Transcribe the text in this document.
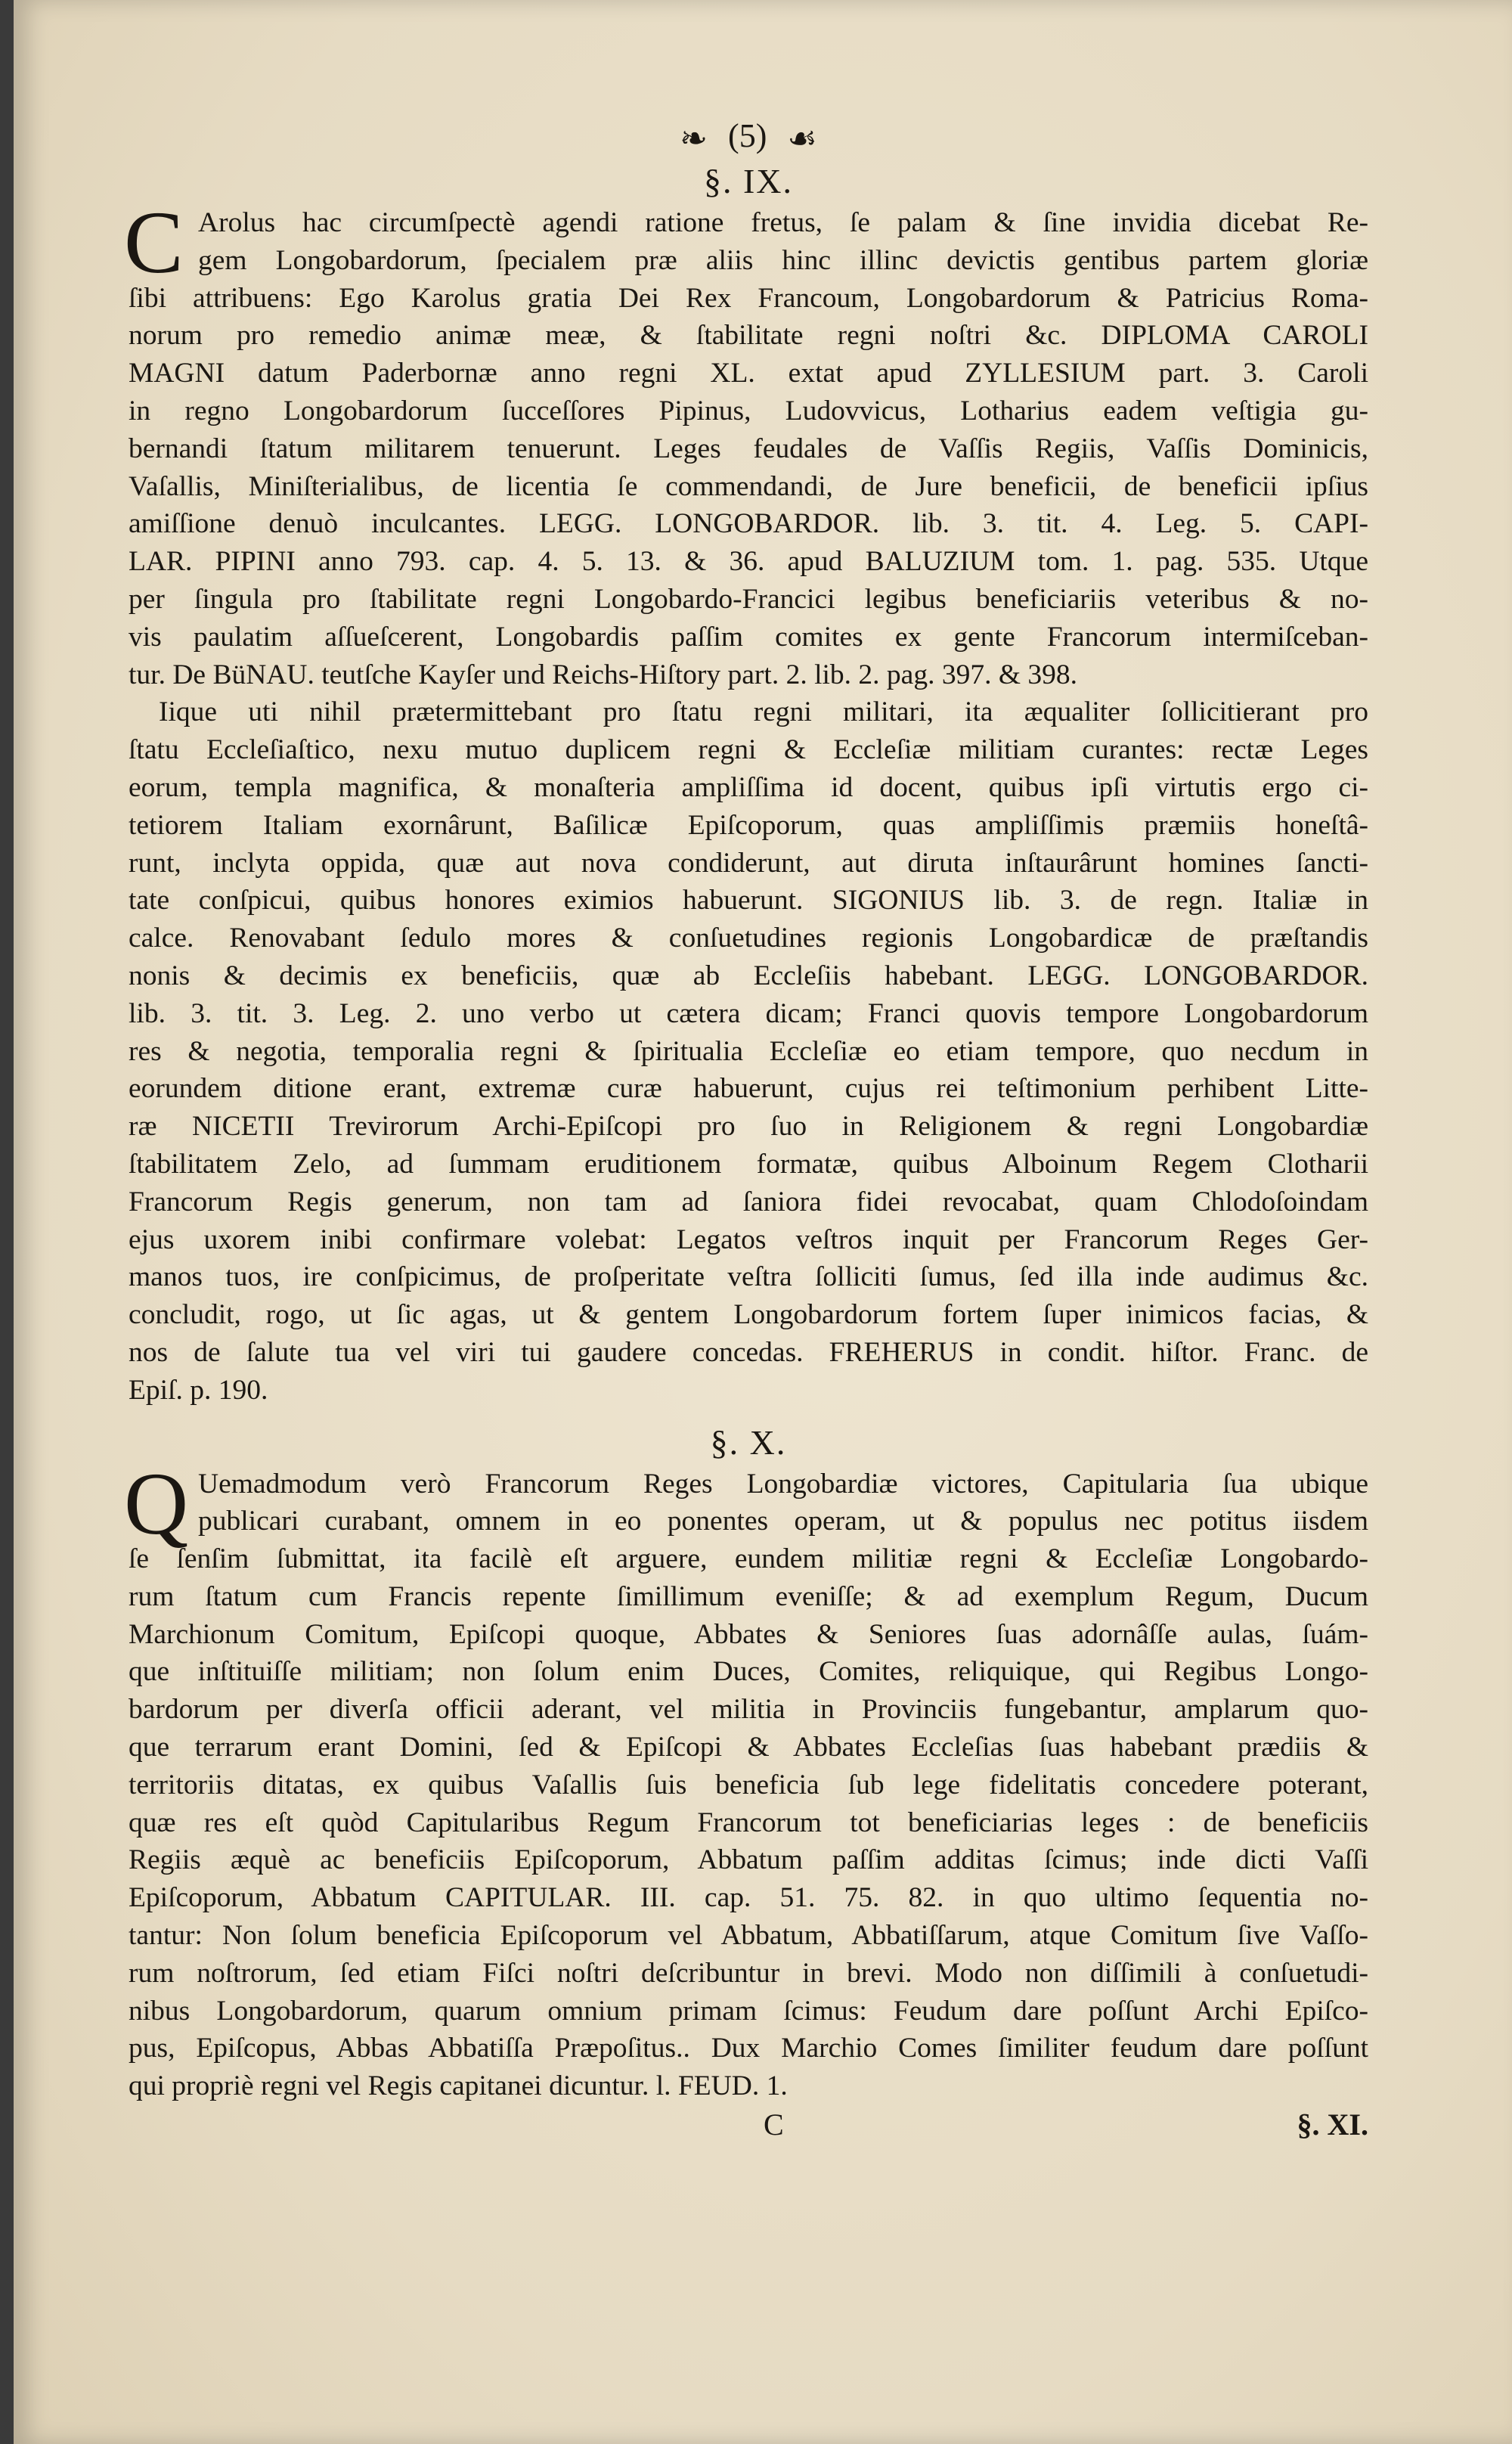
❧ (5) ☙
§. IX.
C Arolus hac circumſpectè agendi ratione fretus, ſe palam & ſine invidia dicebat Re-
gem Longobardorum, ſpecialem præ aliis hinc illinc devictis gentibus partem gloriæ
ſibi attribuens: Ego Karolus gratia Dei Rex Francoum, Longobardorum & Patricius Roma-
norum pro remedio animæ meæ, & ſtabilitate regni noſtri &c. DIPLOMA CAROLI
MAGNI datum Paderbornæ anno regni XL. extat apud ZYLLESIUM part. 3. Caroli
in regno Longobardorum ſucceſſores Pipinus, Ludovvicus, Lotharius eadem veſtigia gu-
bernandi ſtatum militarem tenuerunt. Leges feudales de Vaſſis Regiis, Vaſſis Dominicis,
Vaſallis, Miniſterialibus, de licentia ſe commendandi, de Jure beneficii, de beneficii ipſius
amiſſione denuò inculcantes. LEGG. LONGOBARDOR. lib. 3. tit. 4. Leg. 5. CAPI-
LAR. PIPINI anno 793. cap. 4. 5. 13. & 36. apud BALUZIUM tom. 1. pag. 535. Utque
per ſingula pro ſtabilitate regni Longobardo-Francici legibus beneficiariis veteribus & no-
vis paulatim aſſueſcerent, Longobardis paſſim comites ex gente Francorum intermiſceban-
tur. De BüNAU. teutſche Kayſer und Reichs-Hiſtory part. 2. lib. 2. pag. 397. & 398.
Iique uti nihil prætermittebant pro ſtatu regni militari, ita æqualiter ſollicitierant pro
ſtatu Eccleſiaſtico, nexu mutuo duplicem regni & Eccleſiæ militiam curantes: rectæ Leges
eorum, templa magnifica, & monaſteria ampliſſima id docent, quibus ipſi virtutis ergo ci-
tetiorem Italiam exornârunt, Baſilicæ Epiſcoporum, quas ampliſſimis præmiis honeſtâ-
runt, inclyta oppida, quæ aut nova condiderunt, aut diruta inſtaurârunt homines ſancti-
tate conſpicui, quibus honores eximios habuerunt. SIGONIUS lib. 3. de regn. Italiæ in
calce. Renovabant ſedulo mores & conſuetudines regionis Longobardicæ de præſtandis
nonis & decimis ex beneficiis, quæ ab Eccleſiis habebant. LEGG. LONGOBARDOR.
lib. 3. tit. 3. Leg. 2. uno verbo ut cætera dicam; Franci quovis tempore Longobardorum
res & negotia, temporalia regni & ſpiritualia Eccleſiæ eo etiam tempore, quo necdum in
eorundem ditione erant, extremæ curæ habuerunt, cujus rei teſtimonium perhibent Litte-
ræ NICETII Trevirorum Archi-Epiſcopi pro ſuo in Religionem & regni Longobardiæ
ſtabilitatem Zelo, ad ſummam eruditionem formatæ, quibus Alboinum Regem Clotharii
Francorum Regis generum, non tam ad ſaniora fidei revocabat, quam Chlodoſoindam
ejus uxorem inibi confirmare volebat: Legatos veſtros inquit per Francorum Reges Ger-
manos tuos, ire conſpicimus, de proſperitate veſtra ſolliciti ſumus, ſed illa inde audimus &c.
concludit, rogo, ut ſic agas, ut & gentem Longobardorum fortem ſuper inimicos facias, &
nos de ſalute tua vel viri tui gaudere concedas. FREHERUS in condit. hiſtor. Franc. de
Epiſ. p. 190.
§. X.
Q Uemadmodum verò Francorum Reges Longobardiæ victores, Capitularia ſua ubique
publicari curabant, omnem in eo ponentes operam, ut & populus nec potitus iisdem
ſe ſenſim ſubmittat, ita facilè eſt arguere, eundem militiæ regni & Eccleſiæ Longobardo-
rum ſtatum cum Francis repente ſimillimum eveniſſe; & ad exemplum Regum, Ducum
Marchionum Comitum, Epiſcopi quoque, Abbates & Seniores ſuas adornâſſe aulas, ſuám-
que inſtituiſſe militiam; non ſolum enim Duces, Comites, reliquique, qui Regibus Longo-
bardorum per diverſa officii aderant, vel militia in Provinciis fungebantur, amplarum quo-
que terrarum erant Domini, ſed & Epiſcopi & Abbates Eccleſias ſuas habebant prædiis &
territoriis ditatas, ex quibus Vaſallis ſuis beneficia ſub lege fidelitatis concedere poterant,
quæ res eſt quòd Capitularibus Regum Francorum tot beneficiarias leges : de beneficiis
Regiis æquè ac beneficiis Epiſcoporum, Abbatum paſſim additas ſcimus; inde dicti Vaſſi
Epiſcoporum, Abbatum CAPITULAR. III. cap. 51. 75. 82. in quo ultimo ſequentia no-
tantur: Non ſolum beneficia Epiſcoporum vel Abbatum, Abbatiſſarum, atque Comitum ſive Vaſſo-
rum noſtrorum, ſed etiam Fiſci noſtri deſcribuntur in brevi. Modo non diſſimili à conſuetudi-
nibus Longobardorum, quarum omnium primam ſcimus: Feudum dare poſſunt Archi Epiſco-
pus, Epiſcopus, Abbas Abbatiſſa Præpoſitus.. Dux Marchio Comes ſimiliter feudum dare poſſunt
qui propriè regni vel Regis capitanei dicuntur. l. FEUD. 1.
C	§. XI.
